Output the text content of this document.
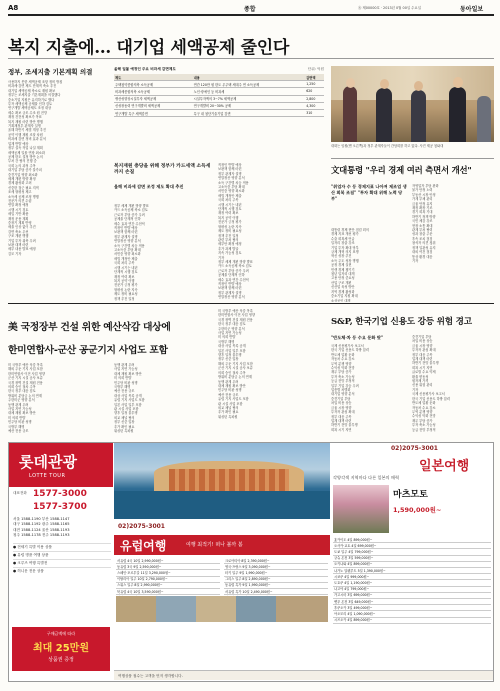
A8	종합	Ⓡ 제00000호 · 2013년 0월 00일 수요일	동아일보
복지 지출에… 대기업 세액공제 줄인다
정부, 조세지출 기본계획 의결
사용하지 못한 세액공제 조항 정비 방침
비과세·감면 제도 단계적 축소 추진
대기업 세액공제 축소로 재원 확보
정부는 조세지출 기본계획을 의결했다
중소기업 지원은 유지하기로 했다
투자 세액공제 공제율 인하 검토
연구개발 세액공제도 조정 대상
세수 확보 규모 수조 원 전망
재정 건전성 확보가 목표
복지 재원 마련 방안 병행
기획재정부 관계자 설명
올해 하반기 세법 개정 추진
공약 이행 재원 조달 차원
비과세 감면 정비 효과 분석
업계 반발 예상
정부 설득 작업 나설 계획
세액공제 일몰 연장 최소화
공제 한도 설정 방안 논의
부처 간 협의 진행 중
국회 논의 과정 주목
대기업 부담 증가 불가피
중견기업 영향 최소화
세제 개편 방향 확정
경제 활성화 고려
신중한 접근 필요 지적
조세 형평성 제고
소득세 공제 조정 병행
전문가 의견 수렴
연말 확정 예정
시행 시기 검토
세입 기반 확충
재정 운용 계획
중장기 계획 반영
세율 인상 없이 추진
감면 축소 우선
구조 개편 병행
기업 투자 위축 우려
보완 대책 마련
세부 내용 발표 예정
김모 기자
올해 일몰 예정인 주요 비과세 감면제도	단위: 억원
제도	내용	감면액
주택청약종합저축 소득공제	연간 120만 원 한도 무주택 세대주 연 소득공제	1,250
비과세종합저축 소득공제	노인·장애인 등 비과세	620
생산성향상시설투자 세액공제	시설투자액의 3~7% 세액공제	2,800
신성장동력 연구개발비 세액공제	연구개발비 20~30% 공제	4,300
연구개발 특구 세액감면	특구 내 첨단기술기업 감면	310
대화는 임원(맨 오른쪽)과 정부 관계자들이 간담회를 하고 있다. 사진 제공 청와대
복지재원 충당을 위해 정부가 카드세액 소득세까지 손질
올해 비과세 감면 조정 제도 확대 추진
정부 세제 개편 방향 발표
카드 소득공제 축소 검토
근로자 부담 증가 우려
공제율 단계적 인하
세수 효과 연간 수천억
직장인 반발 예상
보완책 함께 마련
정부 관계자 설명
연말정산 영향 분석
소득 구간별 차등 적용
고소득층 부담 확대
서민층 영향 최소화
세법 개정안 제출
국회 처리 주목
시행 시기는 내년
단계적 시행 검토
재정 여력 확보
복지 공약 이행
전문가 긍정 평가
형평성 논란 지속
제도 정비 필요성
정책 추진 일정
직장인 반발 예상
보완책 함께 마련
정부 관계자 설명
연말정산 영향 분석
소득 구간별 차등 적용
고소득층 부담 확대
서민층 영향 최소화
세법 개정안 제출
국회 처리 주목
시행 시기는 내년
단계적 시행 검토
재정 여력 확보
복지 공약 이행
전문가 긍정 평가
형평성 논란 지속
제도 정비 필요성
정책 추진 일정
관련 부처 협의
세부안 확정 예정
추가 과제 발굴
지속 가능성 검토
기자
정부 세제 개편 방향 발표
카드 소득공제 축소 검토
근로자 부담 증가 우려
공제율 단계적 인하
세수 효과 연간 수천억
직장인 반발 예상
보완책 함께 마련
정부 관계자 설명
연말정산 영향 분석
文대통령 "우리 경제 여러 측면서 개선"
"취업자 수 등 경제지표 나아져 제조업 생산 회복 조짐" "투자 확대 위해 노력 당부"
대통령 경제 현안 점검 회의
경제 지표 개선 평가
수출 회복세 언급
일자리 창출 강조
기업 투자 확대 당부
규제 개혁 의지 표명
혁신 성장 추진
소득 주도 성장 병행
공정 경제 실현
민생 경제 챙기기
청년 일자리 대책
고용 안정 중요성
산업 구조 개편
신산업 육성 방안
지역 경제 활성화
중소기업 지원 확대
소상공인 대책
자영업자 부담 완화
물가 안정 노력
부동산 시장 안정
가계 부채 관리
금융 안정 유지
재정 확장 기조
경기 회복 기대
하반기 정책 방향
국민 체감 강조
현장 소통 확대
관계 부처 협력
성과 창출 주문
후속 조치 점검
참석자 의견 청취
정책 일관성 유지
대외 여건 점검
통상 환경 대응
기자
美 국정장부 건설 위한 예산삭감 대상에
한미연합사-군산 공군기지 사업도 포함
미 국방부 예산 삭감 목록
해외 주둔 기지 사업 포함
한미연합사 이전 사업 영향
군산 기지 시설 공사 보류
국경 장벽 건설 재원 전용
의회 승인 절차 주목
한국 정부 대응 검토
방위비 분담금 논의 연계
주한미군 영향 분석
동맹 관계 우려
사업 지연 가능성
대체 재원 확보 방안
미 의회 반발
민주당 비판 성명
국방부 해명
예산 전용 규모
동맹 관계 우려
사업 지연 가능성
대체 재원 확보 방안
미 의회 반발
민주당 비판 성명
국방부 해명
예산 전용 규모
대상 사업 목록 공개
유럽 기지 사업도 포함
일본 사업 일부 포함
괌 시설 사업 포함
향후 일정 불투명
외교 채널 협의
정부 신중 입장
추가 확인 필요
워싱턴 특파원
미 국방부 예산 삭감 목록
한미연합사 이전 사업 영향
국경 장벽 건설 재원 전용
한국 정부 대응 검토
주한미군 영향 분석
사업 지연 가능성
미 의회 반발
국방부 해명
대상 사업 목록 공개
일본 사업 일부 포함
향후 일정 불투명
정부 신중 입장
해외 주둔 기지 사업 포함
군산 기지 시설 공사 보류
의회 승인 절차 주목
방위비 분담금 논의 연계
동맹 관계 우려
대체 재원 확보 방안
민주당 비판 성명
예산 전용 규모
유럽 기지 사업도 포함
괌 시설 사업 포함
외교 채널 협의
추가 확인 필요
워싱턴 특파원
S&P, 한국기업 신용도 강등 위험 경고
"반도체·차 등 수요 둔화 탓"
국제 신용평가사 보고서
한국 기업 신용도 하방 압력
반도체 업황 둔화
자동차 수요 감소
무역 분쟁 영향
수익성 악화 전망
재무 부담 증가
투자 축소 가능성
등급 전망 부정적
일부 기업 강등 우려
업종별 차별화
대기업 영향 분석
중견기업 부담
차입 비용 상승
금융 시장 영향
투자자 관심 확대
정부 대응 주목
업계 대책 마련
하반기 전망 불투명
회복 시기 지연
중견기업 부담
차입 비용 상승
금융 시장 영향
투자자 관심 확대
정부 대응 주목
업계 대책 마련
하반기 전망 불투명
회복 시기 지연
글로벌 수요 약세
환율 변동성
원자재 가격
신용 위험 관리
기자
국제 신용평가사 보고서
한국 기업 신용도 하방 압력
반도체 업황 둔화
자동차 수요 감소
무역 분쟁 영향
수익성 악화 전망
재무 부담 증가
투자 축소 가능성
등급 전망 부정적
롯데관광
LOTTE TOUR
대표전화 1577-3000
1577-3700
서울 1588-1190 부산 1588-1147
대구 1588-1192 광주 1588-1165
대전 1588-1124 울산 1588-1193
청주 1588-1178 전주 1588-1193
● 전세기 특별 이용 상품
● 유럽 명품 여행 상품
● 크루즈 여행 특별전
● 허니문 전문 상품
구매금액에 따라
최대 25만원
상품권 증정
02)2075-3001
유럽여행	여행 최적기! 떠나 볼까 봄
서유럽 4국 10일 2,990,000원~
동유럽 3국 9일 2,590,000원~
스페인·포르투갈 11일 3,290,000원~
이탈리아 일주 10일 2,790,000원~
스위스 일주 8일 2,990,000원~
북유럽 4국 10일 3,590,000원~
크로아티아 8일 2,390,000원~
영국·프랑스 9일 3,090,000원~
터키 일주 9일 1,990,000원~
그리스 일주 8일 2,890,000원~
동유럽 특가 9일 1,990,000원~
서유럽 특가 10일 2,490,000원~
02)2075-3001
일본여행
각양각색 지역마다 다른 일본의 매력
마츠모토
1,590,000원~
홋카이도 4일 899,000원~
오사카·교토 4일 699,000원~
도쿄 일주 4일 799,000원~
규슈 온천 3일 599,000원~
오키나와 4일 899,000원~
나가노 알펜루트 5일 1,390,000원~
시코쿠 4일 999,000원~
도호쿠 4일 1,190,000원~
나고야 4일 799,000원~
가고시마 3일 699,000원~
벳푸 온천 3일 649,000원~
후쿠오카 3일 499,000원~
아오모리 4일 1,090,000원~
시즈오카 4일 899,000원~
여행상품 접수는 고객을 먼저 생각합니다.
